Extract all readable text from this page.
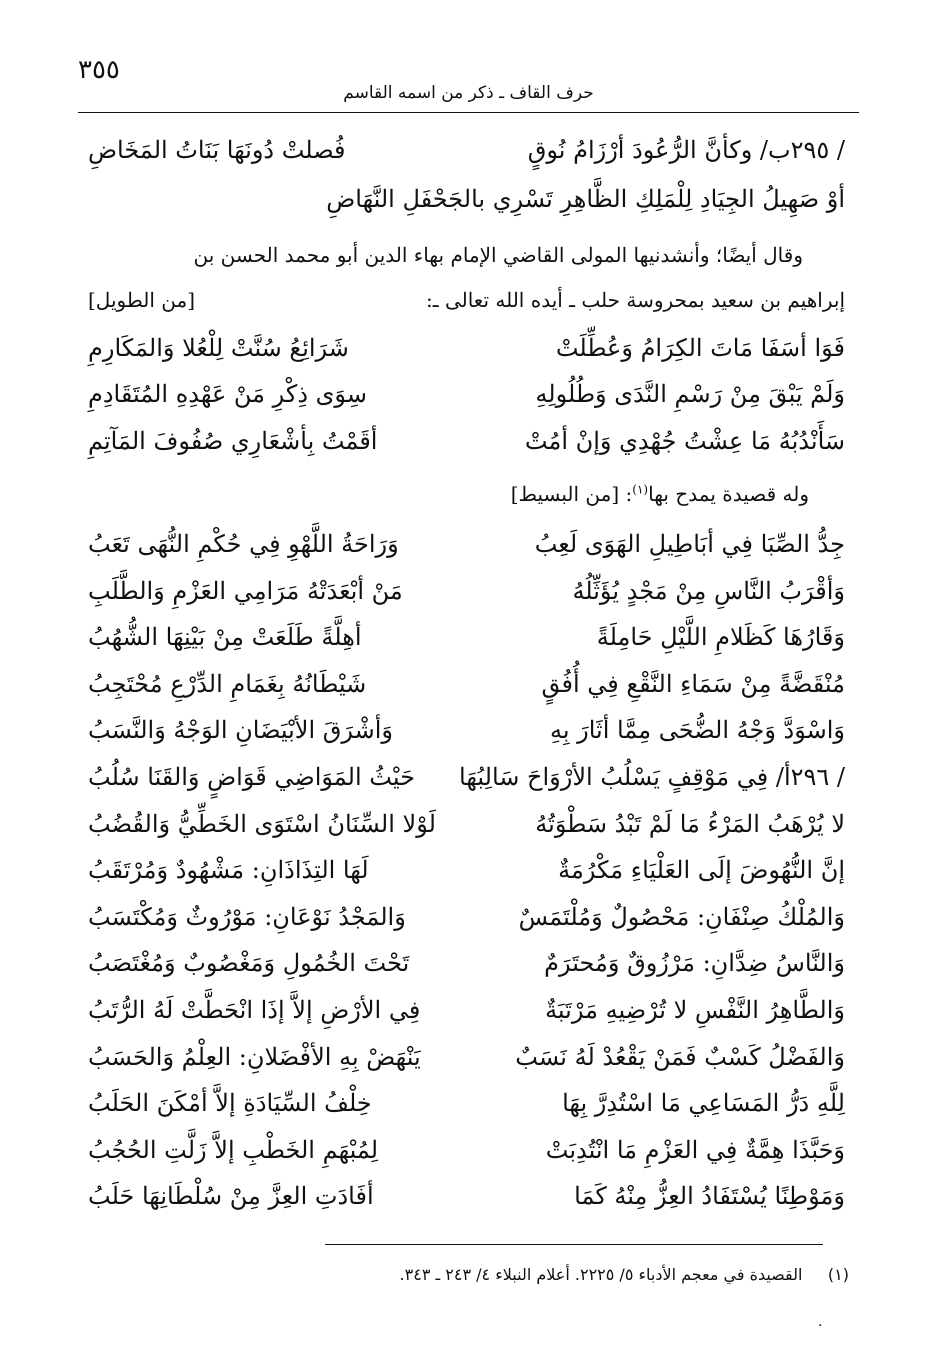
٣٥٥
حرف القاف ـ ذكر من اسمه القاسم
/ ٢٩٥ب/ وكأنَّ الرُّعُودَ أرْزَامُ نُوقٍ
فُصلتْ دُونَهَا بَنَاتُ المَخَاضِ
أوْ صَهِيلُ الجِيَادِ لِلْمَلِكِ الظَّاهِرِ تَسْرِي بالجَحْفَلِ النَّهَاضِ
وقال أيضًا؛ وأنشدنيها المولى القاضي الإمام بهاء الدين أبو محمد الحسن بن
إبراهيم بن سعيد بمحروسة حلب ـ أيده الله تعالى ـ:
[من الطويل]
فَوَا أسَفَا مَاتَ الكِرَامُ وَعُطِّلَتْ
شَرَائِعُ سُنَّتْ لِلْعُلا وَالمَكَارِمِ
وَلَمْ يَبْقَ مِنْ رَسْمِ النَّدَى وَطُلُولِهِ
سِوَى ذِكْرِ مَنْ عَهْدِهِ المُتَقَادِمِ
سَأَنْدُبُهُ مَا عِشْتُ جُهْدِي وَإنْ أمُتْ
أقَمْتُ بِأشْعَارِي صُفُوفَ المَآتِمِ
وله قصيدة يمدح بها$^{(١)}$: [من البسيط]
جِدُّ الصِّبَا فِي أبَاطِيلِ الهَوَى لَعِبُ
وَرَاحَةُ اللَّهْوِ فِي حُكْمِ النُّهَى تَعَبُ
وَأقْرَبُ النَّاسِ مِنْ مَجْدٍ يُؤَثِّلُهُ
مَنْ أبْعَدَتْهُ مَرَامِي العَزْمِ وَالطَّلَبِ
وَقَارُهَا كَظَلامِ اللَّيْلِ حَامِلَةً
أهِلَّةً طَلَعَتْ مِنْ بَيْنِهَا الشُّهُبُ
مُنْقَضَّةً مِنْ سَمَاءِ النَّقْعِ فِي أُفُقٍ
شَيْطَانُهُ بِغَمَامِ الدِّرْعِ مُحْتَجِبُ
وَاسْوَدَّ وَجْهُ الضُّحَى مِمَّا أثَارَ بِهِ
وَأشْرَقَ الأبْيَضَانِ الوَجْهُ وَالنَّسَبُ
/ ٢٩٦أ/ فِي مَوْقِفٍ يَسْلُبُ الأرْوَاحَ سَالِبُهَا
حَيْثُ المَوَاضِي قَوَاضٍ وَالقَنَا سُلُبُ
لا يُرْهَبُ المَرْءُ مَا لَمْ تَبْدُ سَطْوَتُهُ
لَوْلا السِّنَانُ اسْتَوَى الخَطِّيُّ وَالقُضُبُ
إنَّ النُّهُوضَ إلَى العَلْيَاءِ مَكْرُمَةٌ
لَهَا التِذَاذَانِ: مَشْهُودٌ وَمُرْتَقَبُ
وَالمُلْكُ صِنْفَانِ: مَحْصُولٌ وَمُلْتَمَسٌ
وَالمَجْدُ نَوْعَانِ: مَوْرُوثٌ وَمُكْتَسَبُ
وَالنَّاسُ ضِدَّانِ: مَرْزُوقٌ وَمُحتَرَمٌ
تَحْتَ الخُمُولِ وَمَغْصُوبٌ وَمُغْتَصَبُ
وَالطَّاهِرُ النَّفْسِ لا تُرْضِيهِ مَرْتَبَةٌ
فِي الأرْضِ إلاَّ إذَا انْحَطَّتْ لَهُ الرُّتَبُ
وَالفَضْلُ كَسْبٌ فَمَنْ يَقْعُدْ لَهُ نَسَبٌ
يَنْهَضْ بِهِ الأفْضَلانِ: العِلْمُ وَالحَسَبُ
لِلَّهِ دَرُّ المَسَاعِي مَا اسْتُدِرَّ بِهَا
خِلْفُ السِّيَادَةِ إلاَّ أمْكَنَ الحَلَبُ
وَحَبَّذَا هِمَّةٌ فِي العَزْمِ مَا انْتُدِبَتْ
لِمُبْهَمِ الخَطْبِ إلاَّ زَلَّتِ الحُجُبُ
وَمَوْطِنًا يُسْتَفَادُ العِزُّ مِنْهُ كَمَا
أفَادَتِ العِزَّ مِنْ سُلْطَانِهَا حَلَبُ
(١)     القصيدة في معجم الأدباء ٥/ ٢٢٢٥. أعلام النبلاء ٤/ ٢٤٣ ـ ٣٤٣.
·
